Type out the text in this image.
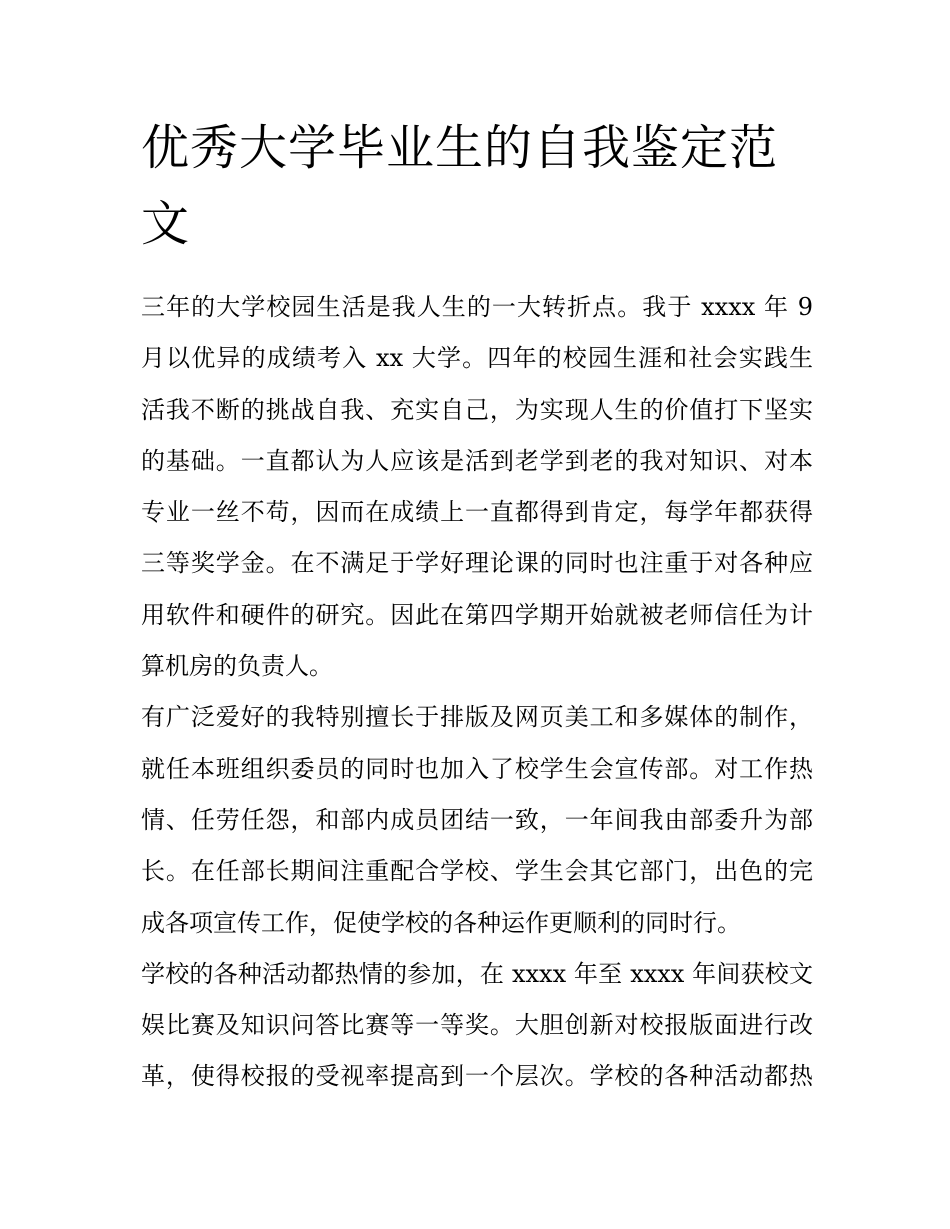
优秀大学毕业生的自我鉴定范
文
三年的大学校园生活是我人生的一大转折点。我于 xxxx 年 9
月以优异的成绩考入 xx 大学。四年的校园生涯和社会实践生
活我不断的挑战自我、充实自己，为实现人生的价值打下坚实
的基础。一直都认为人应该是活到老学到老的我对知识、对本
专业一丝不苟，因而在成绩上一直都得到肯定，每学年都获得
三等奖学金。在不满足于学好理论课的同时也注重于对各种应
用软件和硬件的研究。因此在第四学期开始就被老师信任为计
算机房的负责人。
有广泛爱好的我特别擅长于排版及网页美工和多媒体的制作，
就任本班组织委员的同时也加入了校学生会宣传部。对工作热
情、任劳任怨，和部内成员团结一致，一年间我由部委升为部
长。在任部长期间注重配合学校、学生会其它部门，出色的完
成各项宣传工作，促使学校的各种运作更顺利的同时行。
学校的各种活动都热情的参加，在 xxxx 年至 xxxx 年间获校文
娱比赛及知识问答比赛等一等奖。大胆创新对校报版面进行改
革，使得校报的受视率提高到一个层次。学校的各种活动都热
